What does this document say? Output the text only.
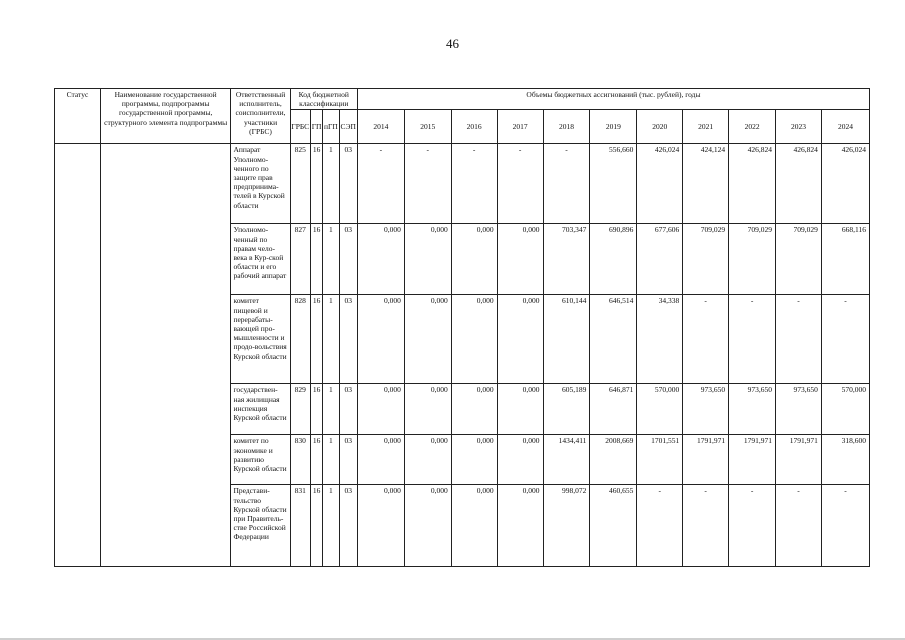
46
Статус	Наименование государственной программы, подпрограммы государственной программы, структурного элемента подпрограммы	Ответственный исполнитель, соисполнители, участники (ГРБС)	Код бюджетной классификации				Объемы бюджетных ассигнований (тыс. рублей), годы										
			ГРБС	ГП	пГП	СЭП	2014	2015	2016	2017	2018	2019	2020	2021	2022	2023	2024
		Аппарат Уполномо-ченного по защите прав предпринима-телей в Курской области	825	16	1	03	-	-	-	-	-	556,660	426,024	424,124	426,824	426,824	426,024
		Уполномо-ченный по правам чело-века в Кур-ской области и его рабочий аппарат	827	16	1	03	0,000	0,000	0,000	0,000	703,347	690,896	677,606	709,029	709,029	709,029	668,116
		комитет пищевой и перерабаты-вающей про-мышленности и продо-вольствия Курской области	828	16	1	03	0,000	0,000	0,000	0,000	610,144	646,514	34,338	-	-	-	-
		государствен-ная жилищная инспекция Курской области	829	16	1	03	0,000	0,000	0,000	0,000	605,189	646,871	570,000	973,650	973,650	973,650	570,000
		комитет по экономике и развитию Курской области	830	16	1	03	0,000	0,000	0,000	0,000	1434,411	2008,669	1701,551	1791,971	1791,971	1791,971	318,600
		Представи-тельство Курской области при Правитель-стве Российской Федерации	831	16	1	03	0,000	0,000	0,000	0,000	998,072	460,655	-	-	-	-	-
